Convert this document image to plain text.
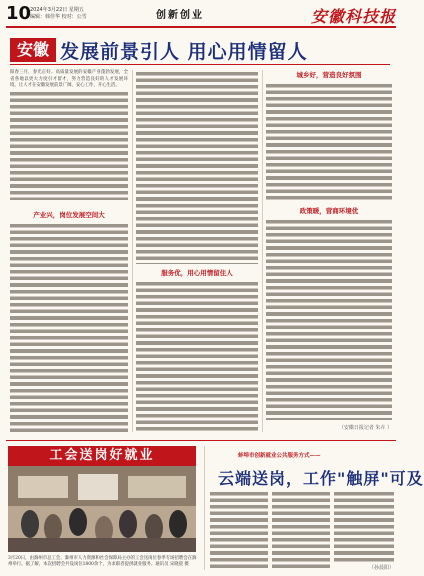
10
2024年3月22日 星期五
编辑：韩佳华 校对：公雪	创新创业	安徽科技报
安徽 发展前景引人 用心用情留人
阳春三月，春光正好。高质量发展的安徽产业蓬勃发展，全省各地以更大力度引才留才，努力营造良好的人才发展环境，让人才在安徽发展前景广阔，安心工作，开心生活。
产业兴，岗位发展空间大
服务优，用心用情留住人
城乡好，营造良好氛围
政策暖，营商环境优
（安徽日报记者 朱卉 ）
工会送岗好就业
3月20日，由滁州市总工会、滁州市人力资源和社会保障局主办的工会送岗位春季专场招聘会在滁州举行。据了解，本次招聘会共设岗位1800余个，为求职者提供就业服务。通讯员 宋晓晨 摄
蚌埠市创新就业公共服务方式——
云端送岗，工作"触屏"可及
（孙晨阳）
